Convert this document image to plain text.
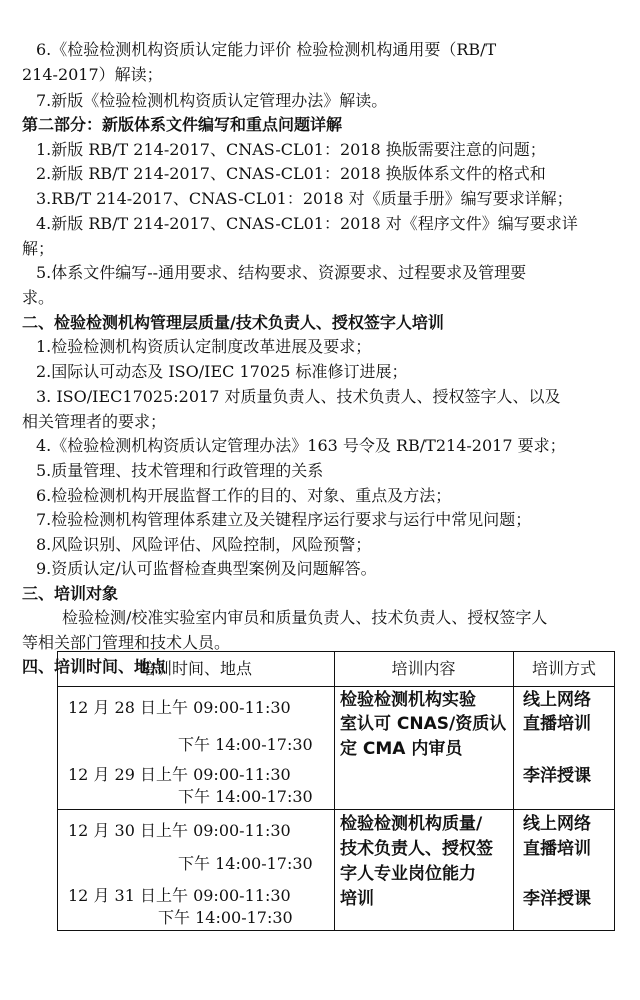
6.《检验检测机构资质认定能力评价 检验检测机构通用要（RB/T
214-2017）解读；
7.新版《检验检测机构资质认定管理办法》解读。
第二部分：新版体系文件编写和重点问题详解
1.新版 RB/T 214-2017、CNAS-CL01：2018 换版需要注意的问题；
2.新版 RB/T 214-2017、CNAS-CL01：2018 换版体系文件的格式和
3.RB/T 214-2017、CNAS-CL01：2018 对《质量手册》编写要求详解；
4.新版 RB/T 214-2017、CNAS-CL01：2018 对《程序文件》编写要求详
解；
5.体系文件编写--通用要求、结构要求、资源要求、过程要求及管理要
求。
二、检验检测机构管理层质量/技术负责人、授权签字人培训
1.检验检测机构资质认定制度改革进展及要求；
2.国际认可动态及 ISO/IEC 17025 标准修订进展；
3. ISO/IEC17025:2017 对质量负责人、技术负责人、授权签字人、以及
相关管理者的要求；
4.《检验检测机构资质认定管理办法》163 号令及 RB/T214-2017 要求；
5.质量管理、技术管理和行政管理的关系
6.检验检测机构开展监督工作的目的、对象、重点及方法；
7.检验检测机构管理体系建立及关键程序运行要求与运行中常见问题；
8.风险识别、风险评估、风险控制，风险预警；
9.资质认定/认可监督检查典型案例及问题解答。
三、培训对象
检验检测/校准实验室内审员和质量负责人、技术负责人、授权签字人
等相关部门管理和技术人员。
四、培训时间、地点
培训时间、地点	培训内容	培训方式
12 月 28 日上午 09:00-11:30
下午 14:00-17:30
12 月 29 日上午 09:00-11:30
下午 14:00-17:30
检验检测机构实验
室认可 CNAS/资质认
定 CMA 内审员
线上网络
直播培训
李洋授课
12 月 30 日上午 09:00-11:30
下午 14:00-17:30
12 月 31 日上午 09:00-11:30
下午 14:00-17:30
检验检测机构质量/
技术负责人、授权签
字人专业岗位能力
培训
线上网络
直播培训
李洋授课
